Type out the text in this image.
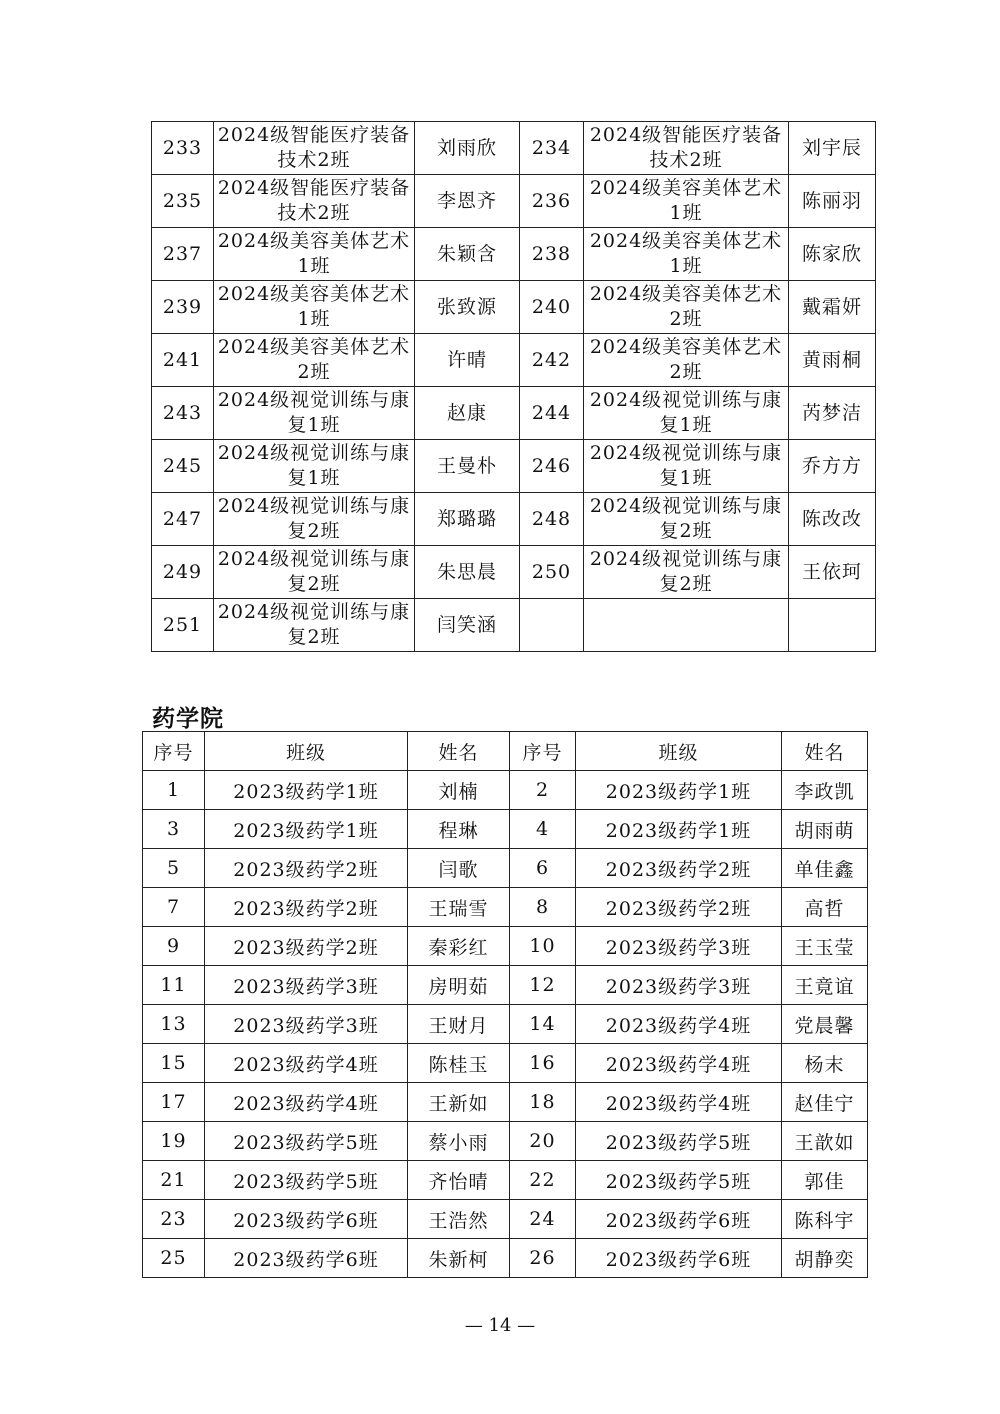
233	2024级智能医疗装备技术2班	刘雨欣	234	2024级智能医疗装备技术2班	刘宇辰
235	2024级智能医疗装备技术2班	李恩齐	236	2024级美容美体艺术1班	陈丽羽
237	2024级美容美体艺术1班	朱颖含	238	2024级美容美体艺术1班	陈家欣
239	2024级美容美体艺术1班	张致源	240	2024级美容美体艺术2班	戴霜妍
241	2024级美容美体艺术2班	许晴	242	2024级美容美体艺术2班	黄雨桐
243	2024级视觉训练与康复1班	赵康	244	2024级视觉训练与康复1班	芮梦洁
245	2024级视觉训练与康复1班	王曼朴	246	2024级视觉训练与康复1班	乔方方
247	2024级视觉训练与康复2班	郑璐璐	248	2024级视觉训练与康复2班	陈改改
249	2024级视觉训练与康复2班	朱思晨	250	2024级视觉训练与康复2班	王依珂
251	2024级视觉训练与康复2班	闫笑涵			
药学院
序号	班级	姓名	序号	班级	姓名
1	2023级药学1班	刘楠	2	2023级药学1班	李政凯
3	2023级药学1班	程琳	4	2023级药学1班	胡雨萌
5	2023级药学2班	闫歌	6	2023级药学2班	单佳鑫
7	2023级药学2班	王瑞雪	8	2023级药学2班	高哲
9	2023级药学2班	秦彩红	10	2023级药学3班	王玉莹
11	2023级药学3班	房明茹	12	2023级药学3班	王竟谊
13	2023级药学3班	王财月	14	2023级药学4班	党晨馨
15	2023级药学4班	陈桂玉	16	2023级药学4班	杨末
17	2023级药学4班	王新如	18	2023级药学4班	赵佳宁
19	2023级药学5班	蔡小雨	20	2023级药学5班	王歆如
21	2023级药学5班	齐怡晴	22	2023级药学5班	郭佳
23	2023级药学6班	王浩然	24	2023级药学6班	陈科宇
25	2023级药学6班	朱新柯	26	2023级药学6班	胡静奕
— 14 —
